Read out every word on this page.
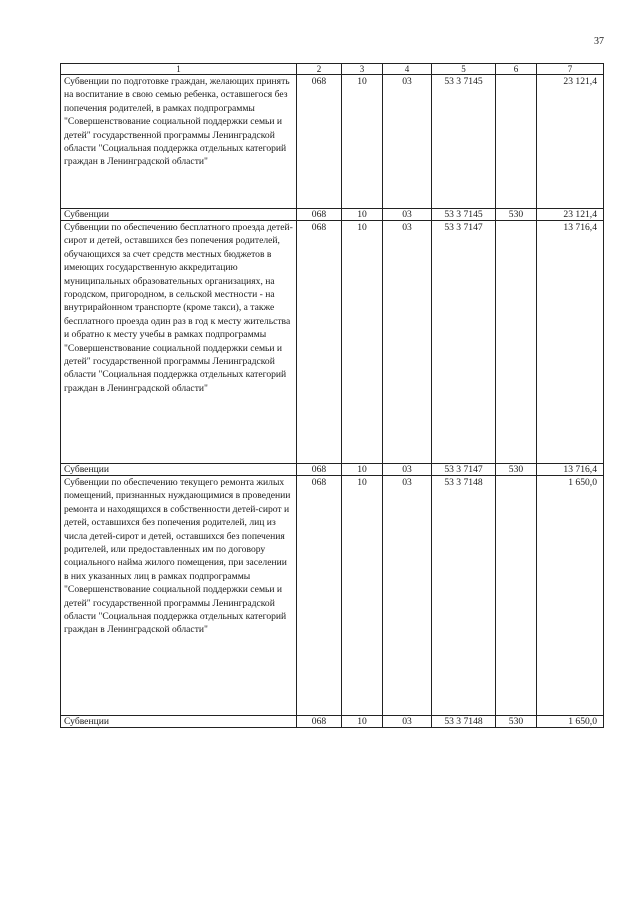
37
1	2	3	4	5	6	7
Субвенции по подготовке граждан, желающих принять на воспитание в свою семью ребенка, оставшегося без попечения родителей, в рамках подпрограммы "Совершенствование социальной поддержки семьи и детей" государственной программы Ленинградской области "Социальная поддержка отдельных категорий граждан в Ленинградской области"	068	10	03	53 3 7145		23 121,4
Субвенции	068	10	03	53 3 7145	530	23 121,4
Субвенции по обеспечению бесплатного проезда детей-сирот и детей, оставшихся без попечения родителей, обучающихся за счет средств местных бюджетов в имеющих государственную аккредитацию муниципальных образовательных организациях, на городском, пригородном, в сельской местности - на внутрирайонном транспорте (кроме такси), а также бесплатного проезда один раз в год к месту жительства и обратно к месту учебы в рамках подпрограммы "Совершенствование социальной поддержки семьи и детей" государственной программы Ленинградской области "Социальная поддержка отдельных категорий граждан в Ленинградской области"	068	10	03	53 3 7147		13 716,4
Субвенции	068	10	03	53 3 7147	530	13 716,4
Субвенции по обеспечению текущего ремонта жилых помещений, признанных нуждающимися в проведении ремонта и находящихся в собственности детей-сирот и детей, оставшихся без попечения родителей, лиц из числа детей-сирот и детей, оставшихся без попечения родителей, или предоставленных им по договору социального найма жилого помещения, при заселении в них указанных лиц в рамках подпрограммы "Совершенствование социальной поддержки семьи и детей" государственной программы Ленинградской области "Социальная поддержка отдельных категорий граждан в Ленинградской области"	068	10	03	53 3 7148		1 650,0
Субвенции	068	10	03	53 3 7148	530	1 650,0
